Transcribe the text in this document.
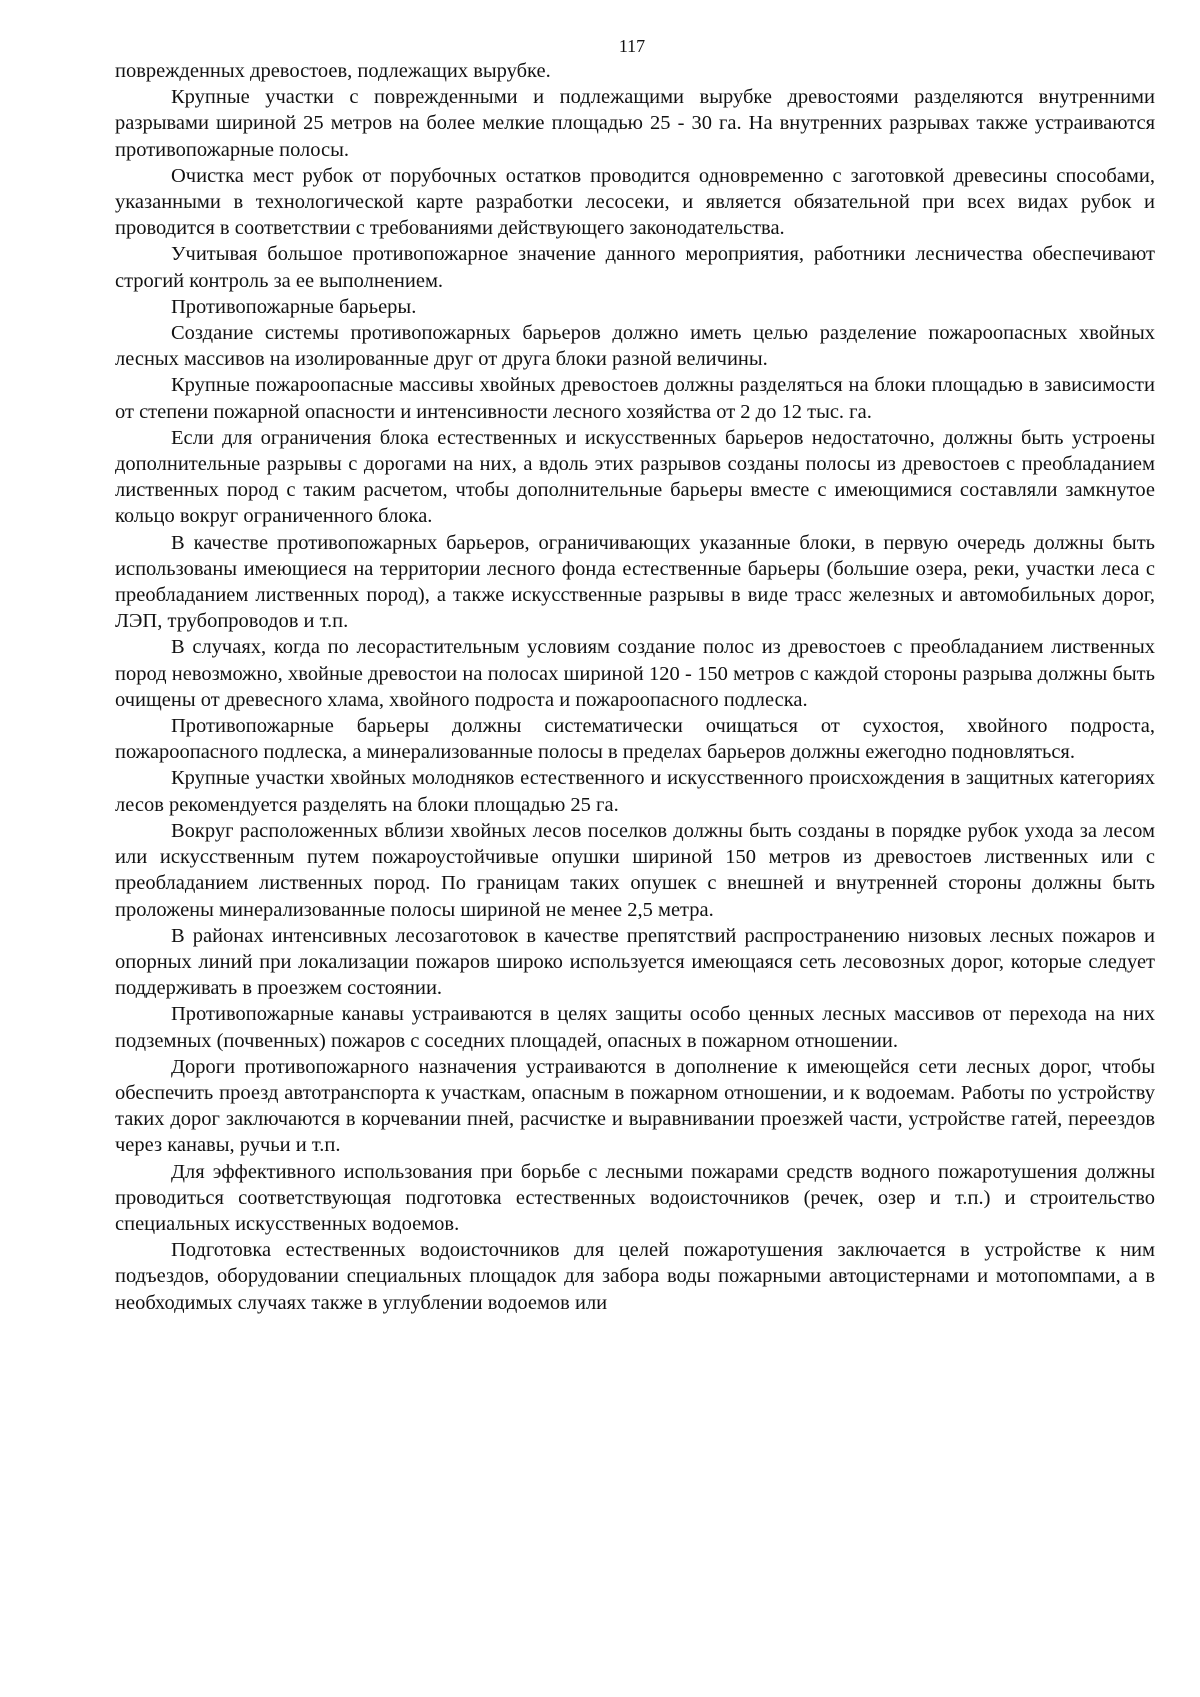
117

поврежденных древостоев, подлежащих вырубке.

Крупные участки с поврежденными и подлежащими вырубке древостоями разделяются внутренними разрывами шириной 25 метров на более мелкие площадью 25 - 30 га. На внутренних разрывах также устраиваются противопожарные полосы.

Очистка мест рубок от порубочных остатков проводится одновременно с заготовкой древесины способами, указанными в технологической карте разработки лесосеки, и является обязательной при всех видах рубок и проводится в соответствии с требованиями действующего законодательства.

Учитывая большое противопожарное значение данного мероприятия, работники лесничества обеспечивают строгий контроль за ее выполнением.

Противопожарные барьеры.

Создание системы противопожарных барьеров должно иметь целью разделение пожароопасных хвойных лесных массивов на изолированные друг от друга блоки разной величины.

Крупные пожароопасные массивы хвойных древостоев должны разделяться на блоки площадью в зависимости от степени пожарной опасности и интенсивности лесного хозяйства от 2 до 12 тыс. га.

Если для ограничения блока естественных и искусственных барьеров недостаточно, должны быть устроены дополнительные разрывы с дорогами на них, а вдоль этих разрывов созданы полосы из древостоев с преобладанием лиственных пород с таким расчетом, чтобы дополнительные барьеры вместе с имеющимися составляли замкнутое кольцо вокруг ограниченного блока.

В качестве противопожарных барьеров, ограничивающих указанные блоки, в первую очередь должны быть использованы имеющиеся на территории лесного фонда естественные барьеры (большие озера, реки, участки леса с преобладанием лиственных пород), а также искусственные разрывы в виде трасс железных и автомобильных дорог, ЛЭП, трубопроводов и т.п.

В случаях, когда по лесорастительным условиям создание полос из древостоев с преобладанием лиственных пород невозможно, хвойные древостои на полосах шириной 120 - 150 метров с каждой стороны разрыва должны быть очищены от древесного хлама, хвойного подроста и пожароопасного подлеска.

Противопожарные барьеры должны систематически очищаться от сухостоя, хвойного подроста, пожароопасного подлеска, а минерализованные полосы в пределах барьеров должны ежегодно подновляться.

Крупные участки хвойных молодняков естественного и искусственного происхождения в защитных категориях лесов рекомендуется разделять на блоки площадью 25 га.

Вокруг расположенных вблизи хвойных лесов поселков должны быть созданы в порядке рубок ухода за лесом или искусственным путем пожароустойчивые опушки шириной 150 метров из древостоев лиственных или с преобладанием лиственных пород. По границам таких опушек с внешней и внутренней стороны должны быть проложены минерализованные полосы шириной не менее 2,5 метра.

В районах интенсивных лесозаготовок в качестве препятствий распространению низовых лесных пожаров и опорных линий при локализации пожаров широко используется имеющаяся сеть лесовозных дорог, которые следует поддерживать в проезжем состоянии.

Противопожарные канавы устраиваются в целях защиты особо ценных лесных массивов от перехода на них подземных (почвенных) пожаров с соседних площадей, опасных в пожарном отношении.

Дороги противопожарного назначения устраиваются в дополнение к имеющейся сети лесных дорог, чтобы обеспечить проезд автотранспорта к участкам, опасным в пожарном отношении, и к водоемам. Работы по устройству таких дорог заключаются в корчевании пней, расчистке и выравнивании проезжей части, устройстве гатей, переездов через канавы, ручьи и т.п.

Для эффективного использования при борьбе с лесными пожарами средств водного пожаротушения должны проводиться соответствующая подготовка естественных водоисточников (речек, озер и т.п.) и строительство специальных искусственных водоемов.

Подготовка естественных водоисточников для целей пожаротушения заключается в устройстве к ним подъездов, оборудовании специальных площадок для забора воды пожарными автоцистернами и мотопомпами, а в необходимых случаях также в углублении водоемов или
